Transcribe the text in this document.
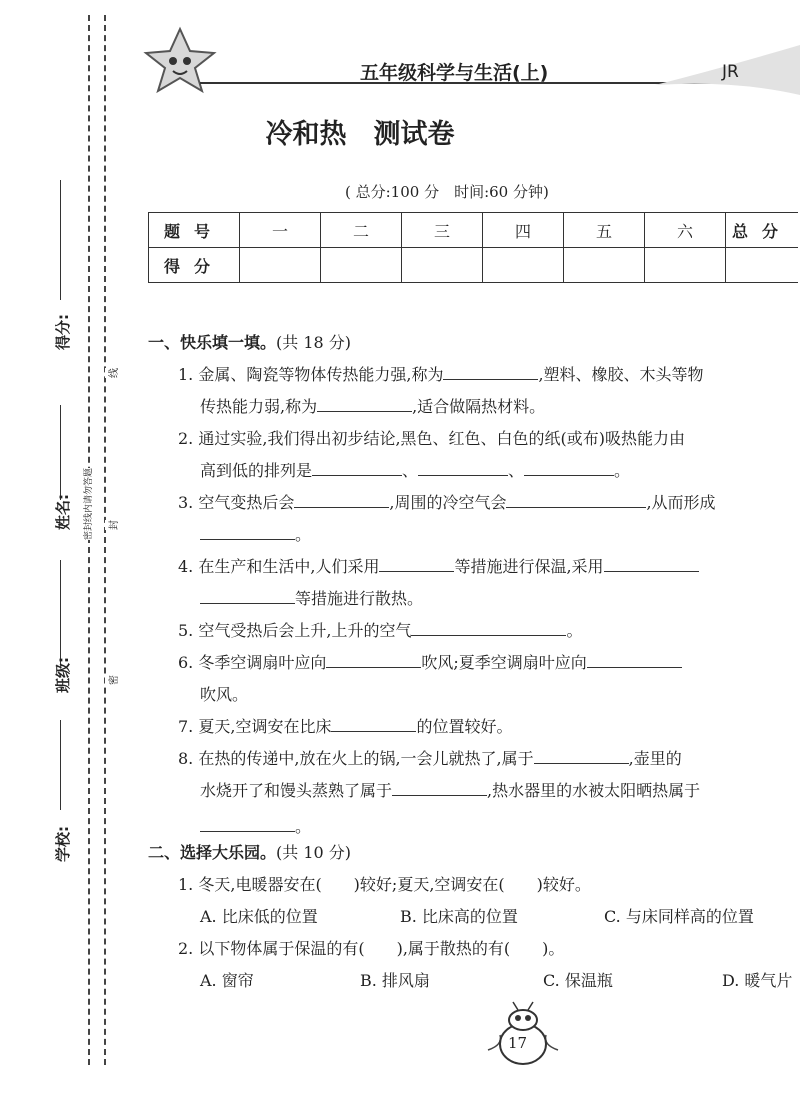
得分:
姓名:
班级:
学校:
线
密封线内请勿答题	封
密
五年级科学与生活(上)	JR
冷和热　测试卷
( 总分:100 分　时间:60 分钟)
题号	一	二	三	四	五	六	总分
得分							
一、快乐填一填。(共 18 分)
1. 金属、陶瓷等物体传热能力强,称为	,塑料、橡胶、木头等物
传热能力弱,称为	,适合做隔热材料。
2. 通过实验,我们得出初步结论,黑色、红色、白色的纸(或布)吸热能力由
高到低的排列是	、	、	。
3. 空气变热后会	,周围的冷空气会	,从而形成
。
4. 在生产和生活中,人们采用	等措施进行保温,采用
等措施进行散热。
5. 空气受热后会上升,上升的空气	。
6. 冬季空调扇叶应向	吹风;夏季空调扇叶应向
吹风。
7. 夏天,空调安在比床	的位置较好。
8. 在热的传递中,放在火上的锅,一会儿就热了,属于	,壶里的
水烧开了和馒头蒸熟了属于	,热水器里的水被太阳晒热属于
。
二、选择大乐园。(共 10 分)
1. 冬天,电暖器安在(　　)较好;夏天,空调安在(　　)较好。
A. 比床低的位置	B. 比床高的位置	C. 与床同样高的位置
2. 以下物体属于保温的有(　　),属于散热的有(　　)。
A. 窗帘	B. 排风扇	C. 保温瓶	D. 暖气片
17
